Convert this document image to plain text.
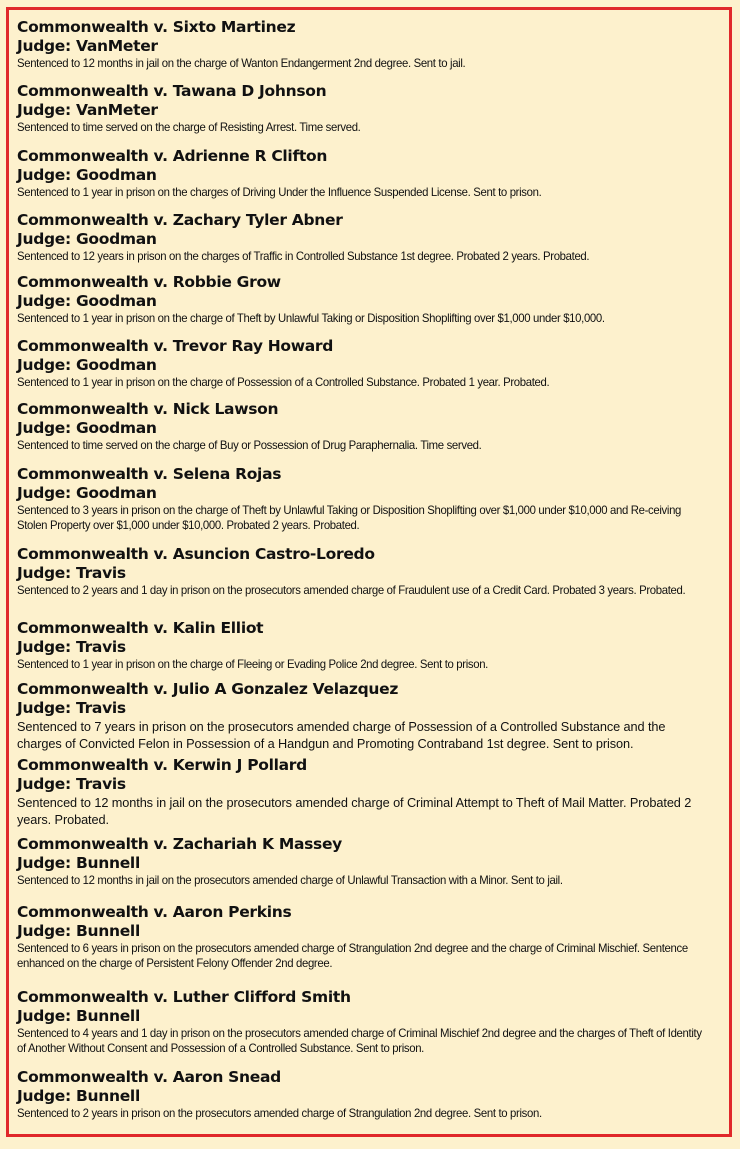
Commonwealth v. Sixto Martinez
Judge: VanMeter
Sentenced to 12 months in jail on the charge of Wanton Endangerment 2nd degree. Sent to jail.
Commonwealth v. Tawana D Johnson
Judge: VanMeter
Sentenced to time served on the charge of Resisting Arrest. Time served.
Commonwealth v. Adrienne R Clifton
Judge: Goodman
Sentenced to 1 year in prison on the charges of Driving Under the Influence Suspended License. Sent to prison.
Commonwealth v. Zachary Tyler Abner
Judge: Goodman
Sentenced to 12 years in prison on the charges of Traffic in Controlled Substance 1st degree. Probated 2 years. Probated.
Commonwealth v. Robbie Grow
Judge: Goodman
Sentenced to 1 year in prison on the charge of Theft by Unlawful Taking or Disposition Shoplifting over $1,000 under $10,000.
Commonwealth v. Trevor Ray Howard
Judge: Goodman
Sentenced to 1 year in prison on the charge of Possession of a Controlled Substance. Probated 1 year. Probated.
Commonwealth v. Nick Lawson
Judge: Goodman
Sentenced to time served on the charge of Buy or Possession of Drug Paraphernalia. Time served.
Commonwealth v. Selena Rojas
Judge: Goodman
Sentenced to 3 years in prison on the charge of Theft by Unlawful Taking or Disposition Shoplifting over $1,000 under $10,000 and Re-ceiving Stolen Property over $1,000 under $10,000. Probated 2 years. Probated.
Commonwealth v. Asuncion Castro-Loredo
Judge: Travis
Sentenced to 2 years and 1 day in prison on the prosecutors amended charge of Fraudulent use of a Credit Card. Probated 3 years. Probated.
Commonwealth v. Kalin Elliot
Judge: Travis
Sentenced to 1 year in prison on the charge of Fleeing or Evading Police 2nd degree. Sent to prison.
Commonwealth v. Julio A Gonzalez Velazquez
Judge: Travis
Sentenced to 7 years in prison on the prosecutors amended charge of Possession of a Controlled Substance and the charges of Convicted Felon in Possession of a Handgun and Promoting Contraband 1st degree. Sent to prison.
Commonwealth v. Kerwin J Pollard
Judge: Travis
Sentenced to 12 months in jail on the prosecutors amended charge of Criminal Attempt to Theft of Mail Matter. Probated 2 years. Probated.
Commonwealth v. Zachariah K Massey
Judge: Bunnell
Sentenced to 12 months in jail on the prosecutors amended charge of Unlawful Transaction with a Minor. Sent to jail.
Commonwealth v. Aaron Perkins
Judge: Bunnell
Sentenced to 6 years in prison on the prosecutors amended charge of Strangulation 2nd degree and the charge of Criminal Mischief. Sentence enhanced on the charge of Persistent Felony Offender 2nd degree.
Commonwealth v. Luther Clifford Smith
Judge: Bunnell
Sentenced to 4 years and 1 day in prison on the prosecutors amended charge of Criminal Mischief 2nd degree and the charges of Theft of Identity of Another Without Consent and Possession of a Controlled Substance. Sent to prison.
Commonwealth v. Aaron Snead
Judge: Bunnell
Sentenced to 2 years in prison on the prosecutors amended charge of Strangulation 2nd degree. Sent to prison.
